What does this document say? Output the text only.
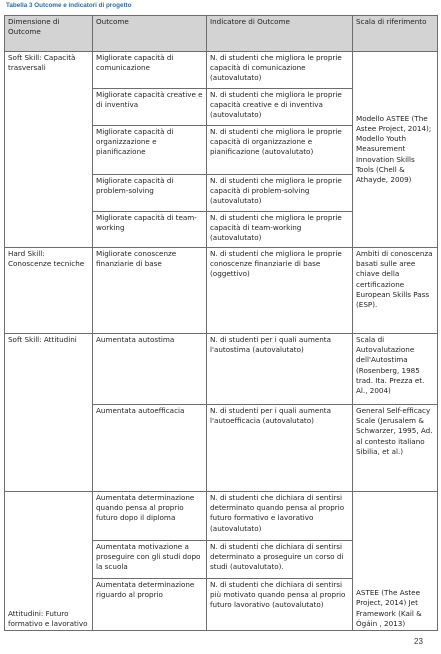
Tabella 3 Outcome e indicatori di progetto
Dimensione di Outcome	Outcome	Indicatore di Outcome	Scala di riferimento
Soft Skill: Capacità trasversali	Migliorate capacità di comunicazione	N. di studenti che migliora le proprie capacità di comunicazione (autovalutato)	Modello ASTEE (The Astee Project, 2014); Modello Youth Measurement Innovation Skills Tools (Chell & Athayde, 2009)
	Migliorate capacità creative e di inventiva	N. di studenti che migliora le proprie capacità creative e di inventiva (autovalutato)	
	Migliorate capacità di organizzazione e pianificazione	N. di studenti che migliora le proprie capacità di organizzazione e pianificazione (autovalutato)	
	Migliorate capacità di problem-solving	N. di studenti che migliora le proprie capacità di problem-solving (autovalutato)	
	Migliorate capacità di team-working	N. di studenti che migliora le proprie capacità di team-working (autovalutato)	
Hard Skill: Conoscenze tecniche	Migliorate conoscenze finanziarie di base	N. di studenti che migliora le proprie conoscenze finanziarie di base (oggettivo)	Ambiti di conoscenza basati sulle aree chiave della certificazione European Skills Pass (ESP).
Soft Skill: Attitudini	Aumentata autostima	N. di studenti per i quali aumenta l'autostima (autovalutato)	Scala di Autovalutazione dell'Autostima (Rosenberg, 1985 trad. Ita. Prezza et. Al., 2004)
	Aumentata autoefficacia	N. di studenti per i quali aumenta l'autoefficacia (autovalutato)	General Self-efficacy Scale (Jerusalem & Schwarzer, 1995, Ad. al contesto italiano Sibilia, et al.)
Attitudini: Futuro formativo e lavorativo	Aumentata determinazione quando pensa al proprio futuro dopo il diploma	N. di studenti che dichiara di sentirsi determinato quando pensa al proprio futuro formativo e lavorativo (autovalutato)	ASTEE (The Astee Project, 2014) Jet Framework (Kail & Ógáin , 2013)
	Aumentata motivazione a proseguire con gli studi dopo la scuola	N. di studenti che dichiara di sentirsi determinato a proseguire un corso di studi (autovalutato).	
	Aumentata determinazione riguardo al proprio	N. di studenti che dichiara di sentirsi più motivato quando pensa al proprio futuro lavorativo (autovalutato)	
23
